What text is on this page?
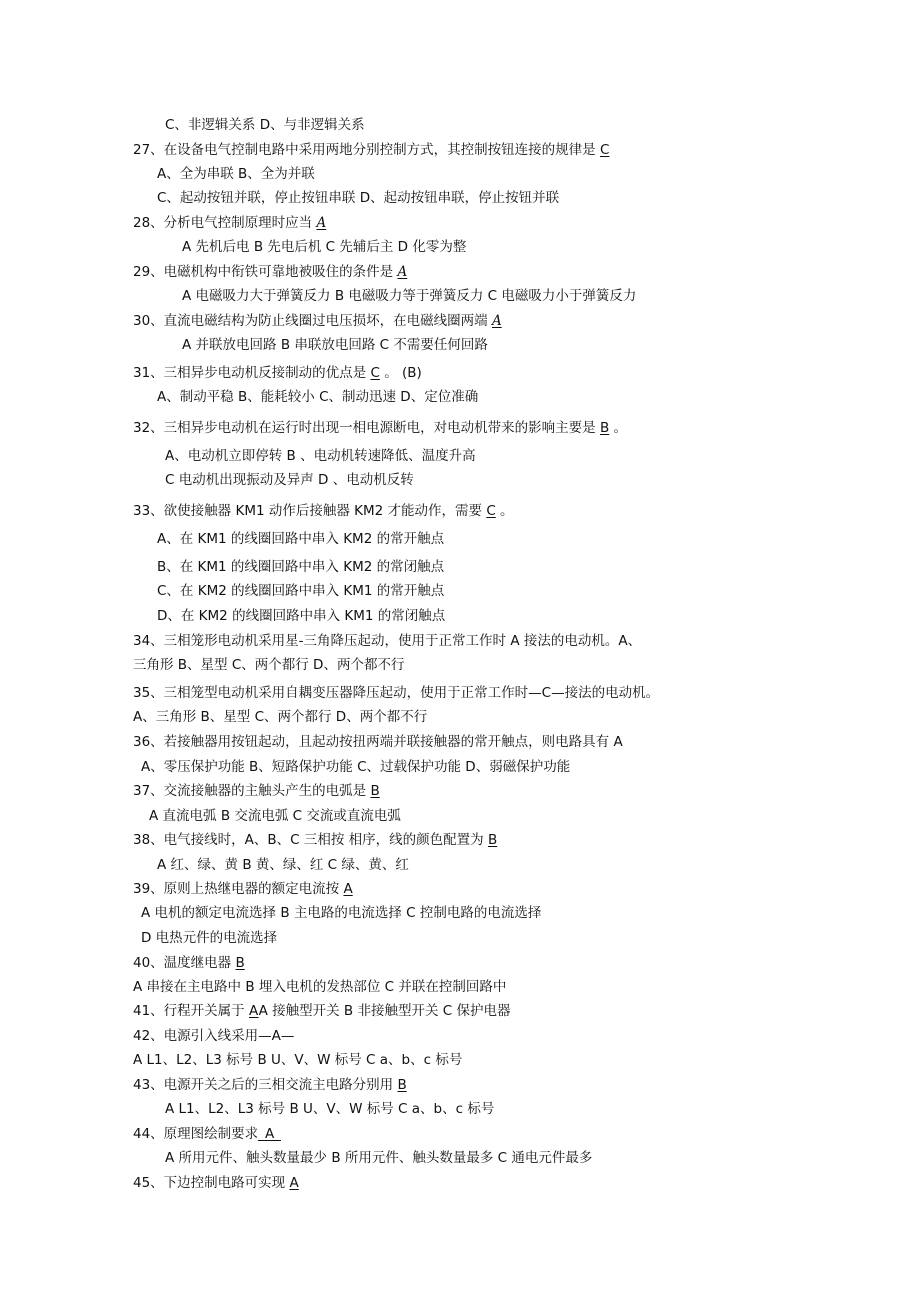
C、非逻辑关系 D、与非逻辑关系
27、在设备电气控制电路中采用两地分别控制方式，其控制按钮连接的规律是 C
A、全为串联 B、全为并联
C、起动按钮并联，停止按钮串联 D、起动按钮串联，停止按钮并联
28、分析电气控制原理时应当 A
A 先机后电 B 先电后机 C 先辅后主 D 化零为整
29、电磁机构中衔铁可靠地被吸住的条件是 A
A 电磁吸力大于弹簧反力 B 电磁吸力等于弹簧反力 C 电磁吸力小于弹簧反力
30、直流电磁结构为防止线圈过电压损坏，在电磁线圈两端 A
A 并联放电回路 B 串联放电回路 C 不需要任何回路
31、三相异步电动机反接制动的优点是 C 。 (B)
A、制动平稳 B、能耗较小 C、制动迅速 D、定位准确
32、三相异步电动机在运行时出现一相电源断电，对电动机带来的影响主要是 B 。
A、电动机立即停转 B 、电动机转速降低、温度升高
C 电动机出现振动及异声 D 、电动机反转
33、欲使接触器 KM1 动作后接触器 KM2 才能动作，需要 C 。
A、在 KM1 的线圈回路中串入 KM2 的常开触点
B、在 KM1 的线圈回路中串入 KM2 的常闭触点
C、在 KM2 的线圈回路中串入 KM1 的常开触点
D、在 KM2 的线圈回路中串入 KM1 的常闭触点
34、三相笼形电动机采用星-三角降压起动，使用于正常工作时 A 接法的电动机。A、
三角形 B、星型 C、两个都行 D、两个都不行
35、三相笼型电动机采用自耦变压器降压起动，使用于正常工作时—C—接法的电动机。
A、三角形 B、星型 C、两个都行 D、两个都不行
36、若接触器用按钮起动，且起动按扭两端并联接触器的常开触点，则电路具有 A
A、零压保护功能 B、短路保护功能 C、过载保护功能 D、弱磁保护功能
37、交流接触器的主触头产生的电弧是 B
A 直流电弧 B 交流电弧 C 交流或直流电弧
38、电气接线时，A、B、C 三相按 相序，线的颜色配置为 B
A 红、绿、黄 B 黄、绿、红 C 绿、黄、红
39、原则上热继电器的额定电流按 A
A 电机的额定电流选择 B 主电路的电流选择 C 控制电路的电流选择
D 电热元件的电流选择
40、温度继电器 B
A 串接在主电路中 B 埋入电机的发热部位 C 并联在控制回路中
41、行程开关属于 AA 接触型开关 B 非接触型开关 C 保护电器
42、电源引入线采用—A—
A L1、L2、L3 标号 B U、V、W 标号 C a、b、c 标号
43、电源开关之后的三相交流主电路分别用 B
A L1、L2、L3 标号 B U、V、W 标号 C a、b、c 标号
44、原理图绘制要求_A_
A 所用元件、触头数量最少 B 所用元件、触头数量最多 C 通电元件最多
45、下边控制电路可实现 A
